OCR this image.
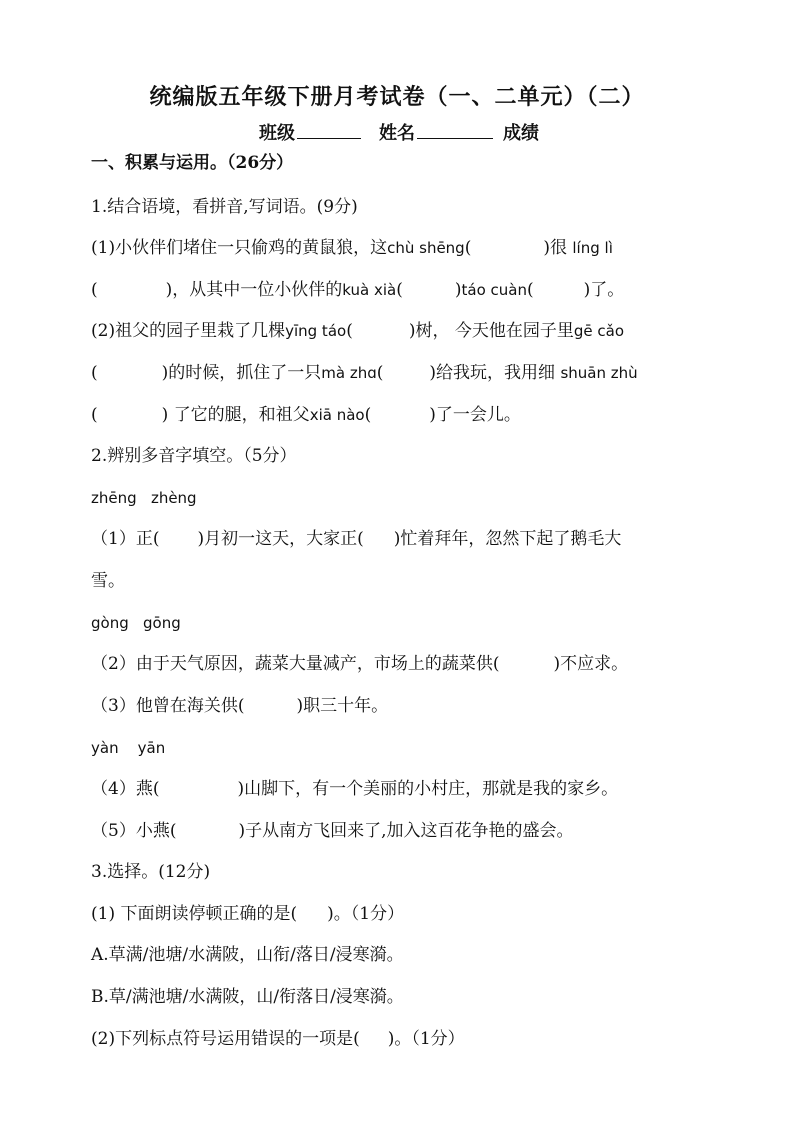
统编版五年级下册月考试卷（一、二单元）（二）
班级	姓名	成绩
一、积累与运用。（26分）
1.结合语境，看拼音,写词语。(9分)
(1)小伙伴们堵住一只偷鸡的黄鼠狼，这chù shēng(	)很 líng lì
(	)，从其中一位小伙伴的kuà xià(	)táo cuàn(	)了。
(2)祖父的园子里栽了几棵yīng táo(	)树， 今天他在园子里gē cǎo
(	)的时候，抓住了一只mà zhɑ(	)给我玩，我用细 shuān zhù
(	) 了它的腿，和祖父xiā nào(	)了一会儿。
2.辨别多音字填空。（5分）
zhēng   zhèng
（1）正( )月初一这天，大家正( )忙着拜年，忽然下起了鹅毛大
雪。
gòng   gōng
（2）由于天气原因，蔬菜大量减产，市场上的蔬菜供(	)不应求。
（3）他曾在海关供(	)职三十年。
yàn    yān
（4）燕(	)山脚下，有一个美丽的小村庄，那就是我的家乡。
（5）小燕(	)子从南方飞回来了,加入这百花争艳的盛会。
3.选择。(12分)
(1) 下面朗读停顿正确的是( )。（1分）
A.草满/池塘/水满陂，山衔/落日/浸寒漪。
B.草/满池塘/水满陂，山/衔落日/浸寒漪。
(2)下列标点符号运用错误的一项是( )。（1分）
